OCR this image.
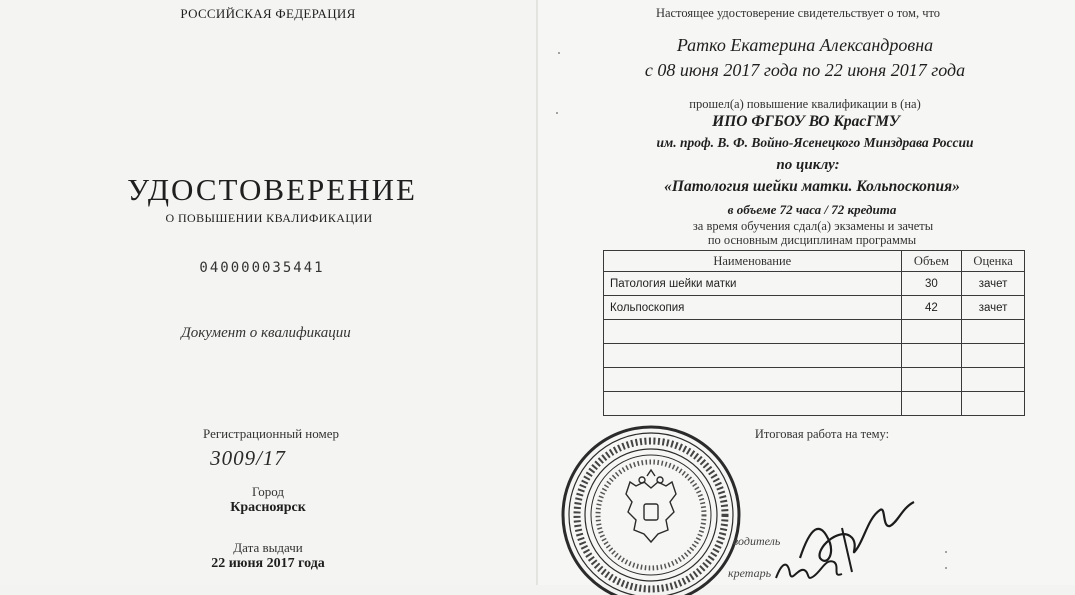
РОССИЙСКАЯ ФЕДЕРАЦИЯ
УДОСТОВЕРЕНИЕ
О ПОВЫШЕНИИ КВАЛИФИКАЦИИ
040000035441
Документ о квалификации
Регистрационный номер
3009/17
Город
Красноярск
Дата выдачи
22 июня 2017 года
Настоящее удостоверение свидетельствует о том, что
Ратко Екатерина Александровна
с 08 июня 2017 года по 22 июня 2017 года
прошел(а) повышение квалификации в (на)
ИПО ФГБОУ ВО КрасГМУ
им. проф. В. Ф. Войно-Ясенецкого Минздрава России
по циклу:
«Патология шейки матки. Кольпоскопия»
в объеме 72 часа / 72 кредита
за время обучения сдал(а) экзамены и зачеты
по основным дисциплинам программы
Наименование	Объем	Оценка
Патология шейки матки	30	зачет
Кольпоскопия	42	зачет

Итоговая работа на тему:
водитель
кретарь
